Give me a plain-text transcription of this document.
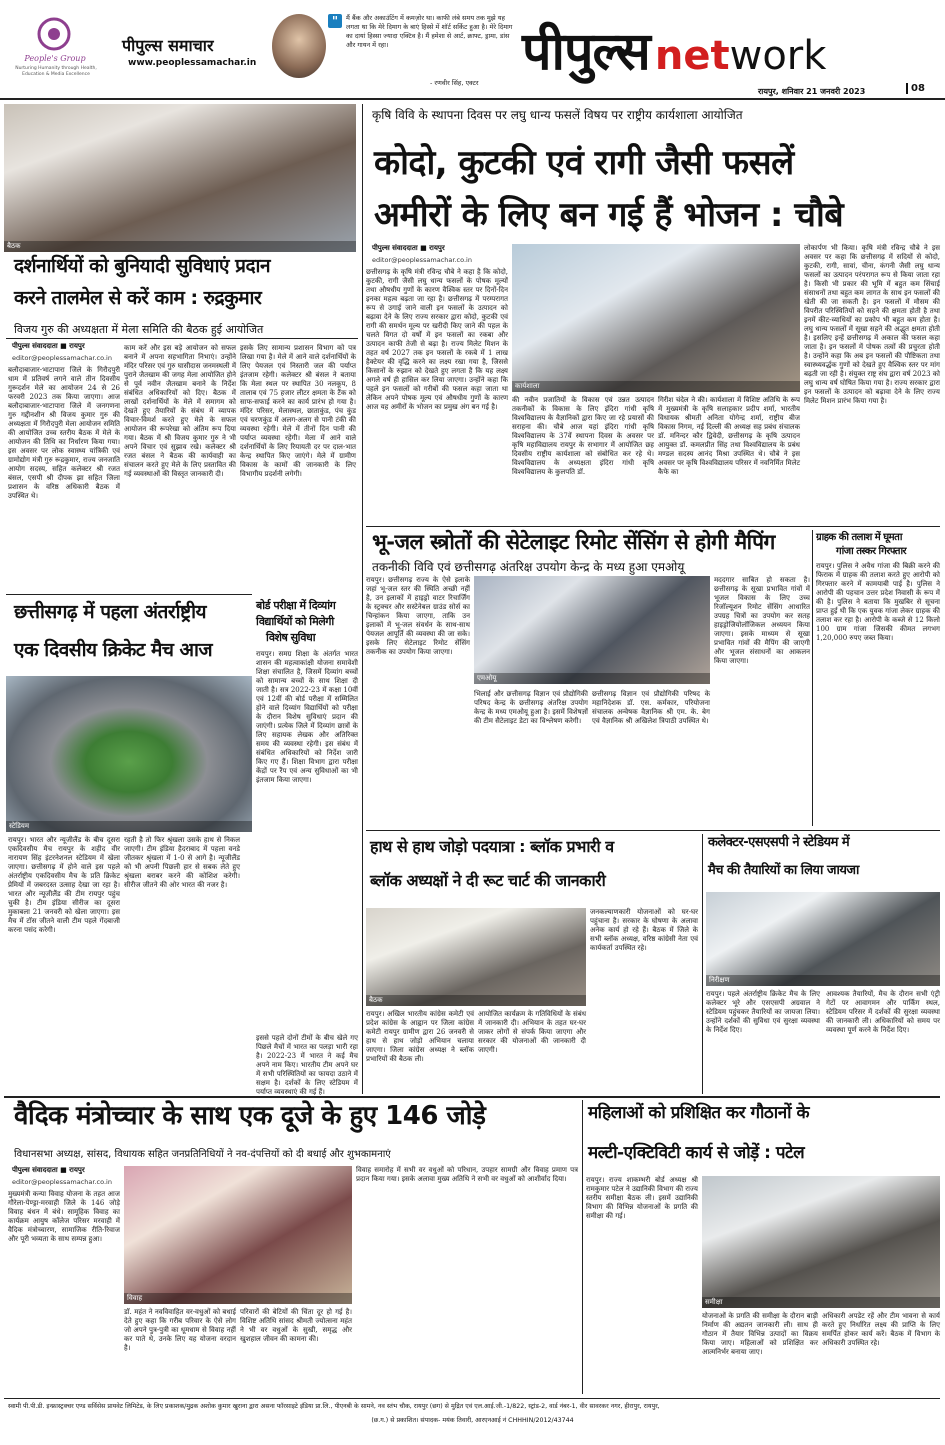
People's Group
Nurturing Humanity through Health, Education & Media Excellence
पीपुल्स समाचार
www.peoplessamachar.in
"	मैं बैंक और अकाउंटिंग में कमज़ोर था। काफी लंबे समय तक मुझे यह लगता था कि मेरे दिमाग के बाएं हिस्से में शॉर्ट सर्किट हुआ है। मेरे दिमाग का दायां हिस्सा ज्यादा एक्टिव है। मैं हमेशा से आर्ट, क्राफ्ट, ड्रामा, डांस और गायन में रहा।
- रणवीर सिंह, एक्टर
पीपुल्स network
रायपुर, शनिवार 21 जनवरी 2023	08
बैठक
दर्शनार्थियों को बुनियादी सुविधाएं प्रदान
करने तालमेल से करें काम : रुद्रकुमार
विजय गुरु की अध्यक्षता में मेला समिति की बैठक हुई आयोजित
पीपुल्स संवाददाता ■ रायपुर
editor@peoplessamachar.co.in
बलौदाबाजार-भाटापारा जिले के गिरौदपुरी धाम में प्रतिवर्ष लगने वाले तीन दिवसीय गुरूदर्शन मेले का आयोजन 24 से 26 फरवरी 2023 तक किया जाएगा। आज बलौदाबाजार-भाटापारा जिले में जनगणना गुरु गद्दीनशीन श्री विजय कुमार गुरु की अध्यक्षता में गिरौदपुरी मेला आयोजन समिति की आयोजित उच्च स्तरीय बैठक में मेले के आयोजन की तिथि का निर्धारण किया गया। इस अवसर पर लोक स्वास्थ्य यांत्रिकी एवं ग्रामोद्योग मंत्री गुरु रूद्रकुमार, राज्य जनजाति आयोग सदस्य, सहित कलेक्टर श्री रजत बंसल, एसपी श्री दीपक झा सहित जिला प्रशासन के वरिष्ठ अधिकारी बैठक में उपस्थित थे।
काम करें और इस बड़े आयोजन को सफल बनाने में अपना सहभागिता निभाएं। उन्होंने मंदिर परिसर एवं गुरु घासीदास जनमस्थली में पुराने जैतखाम की जगह मेला आयोजित होने से पूर्व नवीन जैतखाम बनाने के निर्देश संबंधित अधिकारियों को दिए। बैठक में लाखों दर्शनार्थियों के मेले में समागम को देखते हुए तैयारियों के संबंध में व्यापक विचार-विमर्श करते हुए मेले के सफल आयोजन की रूपरेखा को अंतिम रूप दिया गया। बैठक में श्री विजय कुमार गुरु ने भी अपने विचार एवं सुझाव रखे। कलेक्टर श्री रजत बंसल ने बैठक की कार्यवाही का संचालन करते हुए मेले के लिए प्रस्तावित की गई व्यवस्थाओं की विस्तृत जानकारी दी।
इसके लिए सामान्य प्रशासन विभाग को पत्र लिखा गया है। मेले में आने वाले दर्शनार्थियों के लिए पेयजल एवं निस्तारी जल की पर्याप्त इंतजाम रहेगी। कलेक्टर श्री बंसल ने बताया कि मेला स्थल पर स्थापित 30 नलकूप, 8 तालाब एवं 75 हजार लीटर क्षमता के टैंक को साफ-सफाई करने का कार्य प्रारंभ हो गया है। मंदिर परिसर, मेलास्थल, छाताकुंड, पंच कुंड एवं चरणकुंड में अलग-अलग से पानी टंकी की व्यवस्था रहेगी। मेले में तीनों दिन पानी की पर्याप्त व्यवस्था रहेगी। मेला में आने वाले दर्शनार्थियों के लिए रियायती दर पर दाल-भात केन्द्र स्थापित किए जाएंगे। मेले में ग्रामीण विकास के कामों की जानकारी के लिए विभागीय प्रदर्शनी लगेगी।
छत्तीसगढ़ में पहला अंतर्राष्ट्रीय
एक दिवसीय क्रिकेट मैच आज
स्टेडियम
रायपुर। भारत और न्यूजीलैंड के बीच दूसरा एकदिवसीय मैच रायपुर के शहीद वीर नारायण सिंह इंटरनेशनल स्टेडियम में खेला जाएगा। छत्तीसगढ़ में होने वाले इस पहले अंतर्राष्ट्रीय एकदिवसीय मैच के प्रति क्रिकेट प्रेमियों में जबरदस्त उत्साह देखा जा रहा है। भारत और न्यूजीलैंड की टीम रायपुर पहुंच चुकी है। टीम इंडिया सीरीज का दूसरा मुकाबला 21 जनवरी को खेला जाएगा। इस मैच में टॉस जीतने वाली टीम पहले गेंदबाजी करना पसंद करेगी।
रहती है तो फिर श्रृंखला उसके हाथ से निकल जाएगी। टीम इंडिया हैदराबाद में पहला वनडे जीतकर श्रृंखला में 1-0 से आगे है। न्यूजीलैंड को भी अपनी पिछली हार से सबक लेते हुए श्रृंखला बराबर करने की कोशिश करेगी। सीरीज जीतने की ओर भारत की नजर है।
इससे पहले दोनों टीमों के बीच खेले गए पिछले मैचों में भारत का पलड़ा भारी रहा है। 2022-23 में भारत ने कई मैच अपने नाम किए। भारतीय टीम अपने घर में सभी परिस्थितियों का फायदा उठाने में सक्षम है। दर्शकों के लिए स्टेडियम में पर्याप्त व्यवस्थाएं की गई हैं।
बोर्ड परीक्षा में दिव्यांग
विद्यार्थियों को मिलेगी
विशेष सुविधा
रायपुर। समग्र शिक्षा के अंतर्गत भारत शासन की महत्वाकांक्षी योजना समावेशी शिक्षा संचालित है, जिसमें दिव्यांग बच्चों को सामान्य बच्चों के साथ शिक्षा दी जाती है। सत्र 2022-23 में कक्षा 10वीं एवं 12वीं की बोर्ड परीक्षा में सम्मिलित होने वाले दिव्यांग विद्यार्थियों को परीक्षा के दौरान विशेष सुविधाएं प्रदान की जाएंगी। प्रत्येक जिले में दिव्यांग छात्रों के लिए सहायक लेखक और अतिरिक्त समय की व्यवस्था रहेगी। इस संबंध में संबंधित अधिकारियों को निर्देश जारी किए गए हैं। शिक्षा विभाग द्वारा परीक्षा केंद्रों पर रैंप एवं अन्य सुविधाओं का भी इंतजाम किया जाएगा।
कृषि विवि के स्थापना दिवस पर लघु धान्य फसलें विषय पर राष्ट्रीय कार्यशाला आयोजित
कोदो, कुटकी एवं रागी जैसी फसलें
अमीरों के लिए बन गई हैं भोजन : चौबे
पीपुल्स संवाददाता ■ रायपुर
editor@peoplessamachar.co.in
छत्तीसगढ़ के कृषि मंत्री रविन्द्र चौबे ने कहा है कि कोदो, कुटकी, रागी जैसी लघु धान्य फसलों के पोषक मूल्यों तथा औषधीय गुणों के कारण वैश्विक स्तर पर दिनों-दिन इनका महत्व बढ़ता जा रहा है। छत्तीसगढ़ में परम्परागत रूप से उगाई जाने वाली इन फसलों के उत्पादन को बढ़ावा देने के लिए राज्य सरकार द्वारा कोदो, कुटकी एवं रागी की समर्थन मूल्य पर खरीदी किए जाने की पहल के चलते विगत दो वर्षों में इन फसलों का रकबा और उत्पादन काफी तेजी से बढ़ा है। राज्य मिलेट मिशन के तहत वर्ष 2027 तक इन फसलों के रकबे में 1 लाख हैक्टेयर की वृद्धि करने का लक्ष्य रखा गया है, जिससे किसानों के रुझान को देखते हुए लगता है कि यह लक्ष्य अगले वर्ष ही हासिल कर लिया जाएगा। उन्होंने कहा कि पहले इन फसलों को गरीबों की फसल कहा जाता था लेकिन अपने पोषक मूल्य एवं औषधीय गुणों के कारण आज यह अमीरों के भोजन का प्रमुख अंग बन गई है।
कार्यशाला
की नवीन प्रजातियों के विकास एवं उन्नत उत्पादन तकनीकों के विकास के लिए इंदिरा गांधी कृषि विश्वविद्यालय के वैज्ञानिकों द्वारा किए जा रहे प्रयासों की सराहना की। चौबे आज यहां इंदिरा गांधी कृषि विश्वविद्यालय के 37वें स्थापना दिवस के अवसर पर कृषि महाविद्यालय रायपुर के सभागार में आयोजित छह दिवसीय राष्ट्रीय कार्यशाला को संबोधित कर रहे थे। विश्वविद्यालय के अध्यक्षता इंदिरा गांधी कृषि विश्वविद्यालय के कुलपति डॉ.
गिरीश चंदेल ने की। कार्यशाला में विशिष्ट अतिथि के रूप में मुख्यमंत्री के कृषि सलाहकार प्रदीप शर्मा, भारतीय विधायक श्रीमती अनिता योगेन्द्र शर्मा, राष्ट्रीय बीज विकास निगम, नई दिल्ली की अध्यक्ष सह प्रबंध संचालक डॉ. मनिन्दर कौर द्विवेदी, छत्तीसगढ़ के कृषि उत्पादन आयुक्त डॉ. कमलप्रीत सिंह तथा विश्वविद्यालय के प्रबंध मण्डल सदस्य आनंद मिश्रा उपस्थित थे। चौबे ने इस अवसर पर कृषि विश्वविद्यालय परिसर में नवनिर्मित मिलेट कैफे का
लोकार्पण भी किया। कृषि मंत्री रविन्द्र चौबे ने इस अवसर पर कहा कि छत्तीसगढ़ में सदियों से कोदो, कुटकी, रागी, सावां, चीना, कंगनी जैसी लघु धान्य फसलों का उत्पादन परंपरागत रूप से किया जाता रहा है। किसी भी प्रकार की भूमि में बहुत कम सिंचाई संसाधनों तथा बहुत कम लागत के साथ इन फसलों की खेती की जा सकती है। इन फसलों में मौसम की विपरीत परिस्थितियों को सहने की क्षमता होती है तथा इनमें कीट-व्याधियों का प्रकोप भी बहुत कम होता है। लघु धान्य फसलों में सूखा सहने की अद्भुत क्षमता होती है। इसलिए इन्हें छत्तीसगढ़ में अकाल की फसल कहा जाता है। इन फसलों में पोषक तत्वों की प्रचुरता होती है। उन्होंने कहा कि अब इन फसलों की पौष्टिकता तथा स्वास्थ्यवर्द्धक गुणों को देखते हुए वैश्विक स्तर पर मांग बढ़ती जा रही है। संयुक्त राष्ट्र संघ द्वारा वर्ष 2023 को लघु धान्य वर्ष घोषित किया गया है। राज्य सरकार द्वारा इन फसलों के उत्पादन को बढ़ावा देने के लिए राज्य मिलेट मिशन प्रारंभ किया गया है।
भू-जल स्त्रोतों की सेटेलाइट रिमोट सेंसिंग से होगी मैपिंग
तकनीकी विवि एवं छत्तीसगढ़ अंतरिक्ष उपयोग केन्द्र के मध्य हुआ एमओयू
रायपुर। छत्तीसगढ़ राज्य के ऐसे इलाके जहां भू-जल स्तर की स्थिति अच्छी नहीं है, उन इलाकों में हाइड्रो वाटर रिचार्जिंग के स्ट्रक्चर और सस्टेनेबल ग्राउंड सोर्स का चिन्हांकन किया जाएगा, ताकि उन इलाकों में भू-जल संवर्धन के साथ-साथ पेयजल आपूर्ति की व्यवस्था की जा सके। इसके लिए सेटेलाइट रिमोट सेंसिंग तकनीक का उपयोग किया जाएगा।
एमओयू
भिलाई और छत्तीसगढ़ विज्ञान एवं प्रौद्योगिकी परिषद केन्द्र के छत्तीसगढ़ अंतरिक्ष उपयोग केन्द्र के मध्य एमओयू हुआ है। इसमें विशेषज्ञों की टीम सैटेलाइट डेटा का विश्लेषण करेगी।
छत्तीसगढ़ विज्ञान एवं प्रौद्योगिकी परिषद के महानिदेशक डॉ. एस. कर्मकार, परियोजना संचालक अन्वेषक वैज्ञानिक श्री एम. के. बेग एवं वैज्ञानिक श्री अखिलेश त्रिपाठी उपस्थित थे।
मददगार साबित हो सकता है। छत्तीसगढ़ के सूखा प्रभावित गांवों में भूजल विकास के लिए उच्च रिजॉल्यूशन रिमोट सेंसिंग आधारित उपग्रह चित्रों का उपयोग कर सतह हाइड्रोजियोलॉजिकल अध्ययन किया जाएगा। इसके माध्यम से सूखा प्रभावित गांवों की मैपिंग की जाएगी और भूजल संसाधनों का आकलन किया जाएगा।
ग्राहक की तलाश में घूमता
गांजा तस्कर गिरफ्तार
रायपुर। पुलिस ने अवैध गांजा की बिक्री करने की फिराक में ग्राहक की तलाश करते हुए आरोपी को गिरफ्तार करने में कामयाबी पाई है। पुलिस ने आरोपी की पहचान उत्तर प्रदेश निवासी के रूप में की है। पुलिस ने बताया कि मुखबिर से सूचना प्राप्त हुई थी कि एक युवक गांजा लेकर ग्राहक की तलाश कर रहा है। आरोपी के कब्जे से 12 किलो 100 ग्राम गांजा जिसकी कीमत लगभग 1,20,000 रुपए जब्त किया।
हाथ से हाथ जोड़ो पदयात्रा : ब्लॉक प्रभारी व
ब्लॉक अध्यक्षों ने दी रूट चार्ट की जानकारी
बैठक
रायपुर। अखिल भारतीय कांग्रेस कमेटी एवं प्रदेश कांग्रेस के आह्वान पर जिला कांग्रेस कमेटी रायपुर ग्रामीण द्वारा 26 जनवरी से हाथ से हाथ जोड़ो अभियान चलाया जाएगा। जिला कांग्रेस अध्यक्ष ने ब्लॉक प्रभारियों की बैठक ली।
आयोजित कार्यक्रम के गतिविधियों के संबंध में जानकारी दी। अभियान के तहत घर-घर जाकर लोगों से संपर्क किया जाएगा और सरकार की योजनाओं की जानकारी दी जाएगी।
जनकल्याणकारी योजनाओं को घर-घर पहुंचाना है। सरकार के घोषणा के अलावा अनेक कार्य हो रहे हैं। बैठक में जिले के सभी ब्लॉक अध्यक्ष, वरिष्ठ कांग्रेसी नेता एवं कार्यकर्ता उपस्थित रहे।
कलेक्टर-एसएसपी ने स्टेडियम में
मैच की तैयारियों का लिया जायजा
निरीक्षण
रायपुर। पहले अंतर्राष्ट्रीय क्रिकेट मैच के लिए कलेक्टर भूरे और एसएसपी अग्रवाल ने स्टेडियम पहुंचकर तैयारियों का जायजा लिया। उन्होंने दर्शकों की सुविधा एवं सुरक्षा व्यवस्था के निर्देश दिए।
आवश्यक तैयारियों, मैच के दौरान सभी एंट्री गेटों पर आवागमन और पार्किंग स्थल, स्टेडियम परिसर में दर्शकों की सुरक्षा व्यवस्था की जानकारी ली। अधिकारियों को समय पर व्यवस्था पूर्ण करने के निर्देश दिए।
वैदिक मंत्रोच्चार के साथ एक दूजे के हुए 146 जोड़े
विधानसभा अध्यक्ष, सांसद, विधायक सहित जनप्रतिनिधियों ने नव-दंपत्तियों को दी बधाई और शुभकामनाएं
पीपुल्स संवाददाता ■ रायपुर
editor@peoplessamachar.co.in
मुख्यमंत्री कन्या विवाह योजना के तहत आज गौरेला-पेण्ड्रा-मरवाही जिले के 146 जोड़े विवाह बंधन में बंधे। सामूहिक विवाह का कार्यक्रम आयुष कॉलेज परिसर मरवाही में वैदिक मंत्रोच्चारण, सामाजिक रीति-रिवाज और पूरी भव्यता के साथ सम्पन्न हुआ।
विवाह
डॉ. महंत ने नवविवाहित वर-वधुओं को बधाई देते हुए कहा कि गरीब परिवार के ऐसे लोग जो अपने पुत्र-पुत्री का धूमधाम से विवाह नहीं कर पाते थे, उनके लिए यह योजना वरदान है।
परिवारों की बेटियों की चिंता दूर हो गई है। विशिष्ट अतिथि सांसद श्रीमती ज्योत्सना महंत ने भी वर वधुओं के सुखी, समृद्ध और खुशहाल जीवन की कामना की।
विवाह समारोह में सभी वर वधुओं को परिधान, उपहार सामग्री और विवाह प्रमाण पत्र प्रदान किया गया। इसके अलावा मुख्य अतिथि ने सभी वर वधुओं को आशीर्वाद दिया।
महिलाओं को प्रशिक्षित कर गौठानों के
मल्टी-एक्टिविटी कार्य से जोड़ें : पटेल
रायपुर। राज्य शाकम्भरी बोर्ड अध्यक्ष श्री रामकुमार पटेल ने उद्यानिकी विभाग की राज्य स्तरीय समीक्षा बैठक ली। इसमें उद्यानिकी विभाग की विभिन्न योजनाओं के प्रगति की समीक्षा की गई।
समीक्षा
योजनाओं के प्रगति की समीक्षा के दौरान बाड़ी निर्माण की अद्यतन जानकारी ली। साथ ही गौठान में तैयार विभिन्न उत्पादों का विक्रय किया जाए। महिलाओं को प्रशिक्षित कर आत्मनिर्भर बनाया जाए।
अधिकारी अपडेट रहें और टीम भावना से कार्य करते हुए निर्धारित लक्ष्य की प्राप्ति के लिए समर्पित होकर कार्य करें। बैठक में विभाग के अधिकारी उपस्थित रहे।
स्वामी पी.पी.डी. इन्फ्रास्ट्रक्चर एण्ड सर्विसेस प्रायवेट लिमिटेड, के लिए प्रकाशक/मुद्रक अशोक कुमार खुराना द्वारा असना फॉरसाइटे इंडिया प्रा.लि., पीएनबी के सामने, नव स्तंभ चौक, रायपुर (छग) से मुद्रित एवं एल.आई.जी.-1/822, स्ट्रांड-2, वार्ड नंबर-1, वीर सावरकर नगर, हीरापुर, रायपुर,
(छ.ग.) से प्रकाशित। संपादक- मयंक तिवारी, आरएनआई नं CHHHIN/2012/43744
